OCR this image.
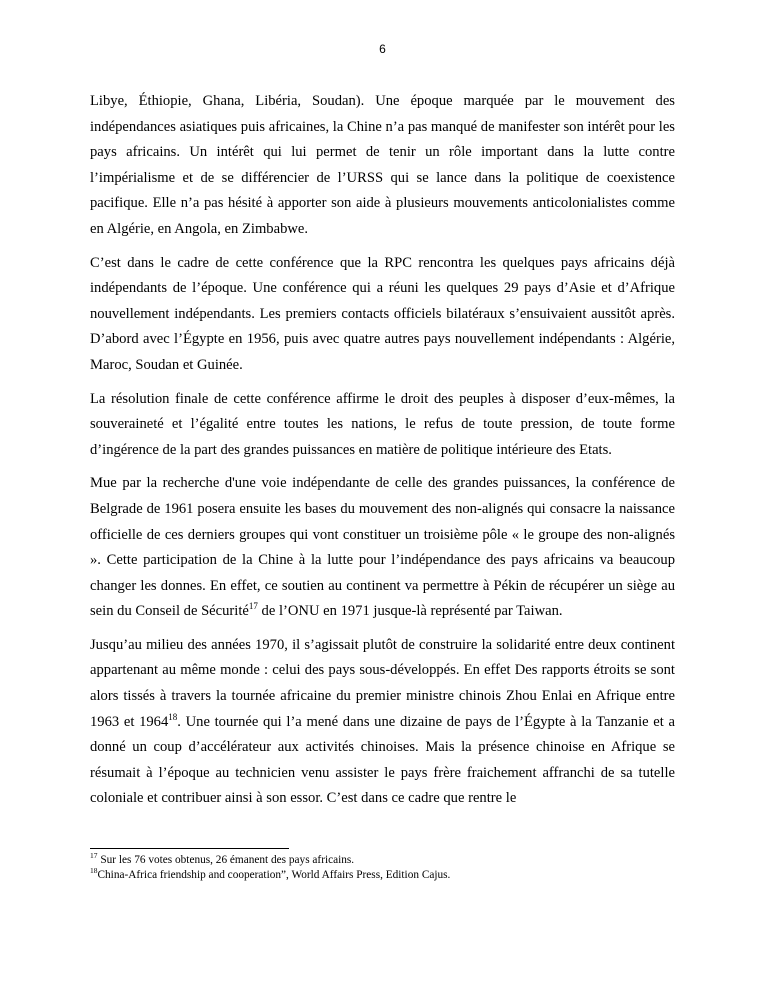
6

Libye, Éthiopie, Ghana, Libéria, Soudan). Une époque marquée par le mouvement des indépendances asiatiques puis africaines, la Chine n’a pas manqué de manifester son intérêt pour les pays africains. Un intérêt qui lui permet de tenir un rôle important dans la lutte contre l’impérialisme et de se différencier de l’URSS qui se lance dans la politique de coexistence pacifique. Elle n’a pas hésité à apporter son aide à plusieurs mouvements anticolonialistes comme en Algérie, en Angola, en Zimbabwe.

C’est dans le cadre de cette conférence que la RPC rencontra les quelques pays africains déjà indépendants de l’époque. Une conférence qui a réuni les quelques 29 pays d’Asie et d’Afrique nouvellement indépendants. Les premiers contacts officiels bilatéraux s’ensuivaient aussitôt après. D’abord avec l’Égypte en 1956, puis avec quatre autres pays nouvellement indépendants : Algérie, Maroc, Soudan et Guinée.

La résolution finale de cette conférence affirme le droit des peuples à disposer d’eux-mêmes, la souveraineté et l’égalité entre toutes les nations, le refus de toute pression, de toute forme d’ingérence de la part des grandes puissances en matière de politique intérieure des Etats.

Mue par la recherche d'une voie indépendante de celle des grandes puissances, la conférence de Belgrade de 1961 posera ensuite les bases du mouvement des non-alignés qui consacre la naissance officielle de ces derniers groupes qui vont constituer un troisième pôle « le groupe des non-alignés ». Cette participation de la Chine à la lutte pour l’indépendance des pays africains va beaucoup changer les donnes. En effet, ce soutien au continent va permettre à Pékin de récupérer un siège au sein du Conseil de Sécurité$^{17}$ de l’ONU en 1971 jusque-là représenté par Taiwan.

Jusqu’au milieu des années 1970, il s’agissait plutôt de construire la solidarité entre deux continent appartenant au même monde : celui des pays sous-développés. En effet Des rapports étroits se sont alors tissés à travers la tournée africaine du premier ministre chinois Zhou Enlai en Afrique entre 1963 et 1964$^{18}$. Une tournée qui l’a mené dans une dizaine de pays de l’Égypte à la Tanzanie et a donné un coup d’accélérateur aux activités chinoises. Mais la présence chinoise en Afrique se résumait à l’époque au technicien venu assister le pays frère fraichement affranchi de sa tutelle coloniale et contribuer ainsi à son essor. C’est dans ce cadre que rentre le

$^{17}$ Sur les 76 votes obtenus, 26 émanent des pays africains.

$^{18}$China-Africa friendship and cooperation”, World Affairs Press, Edition Cajus.
